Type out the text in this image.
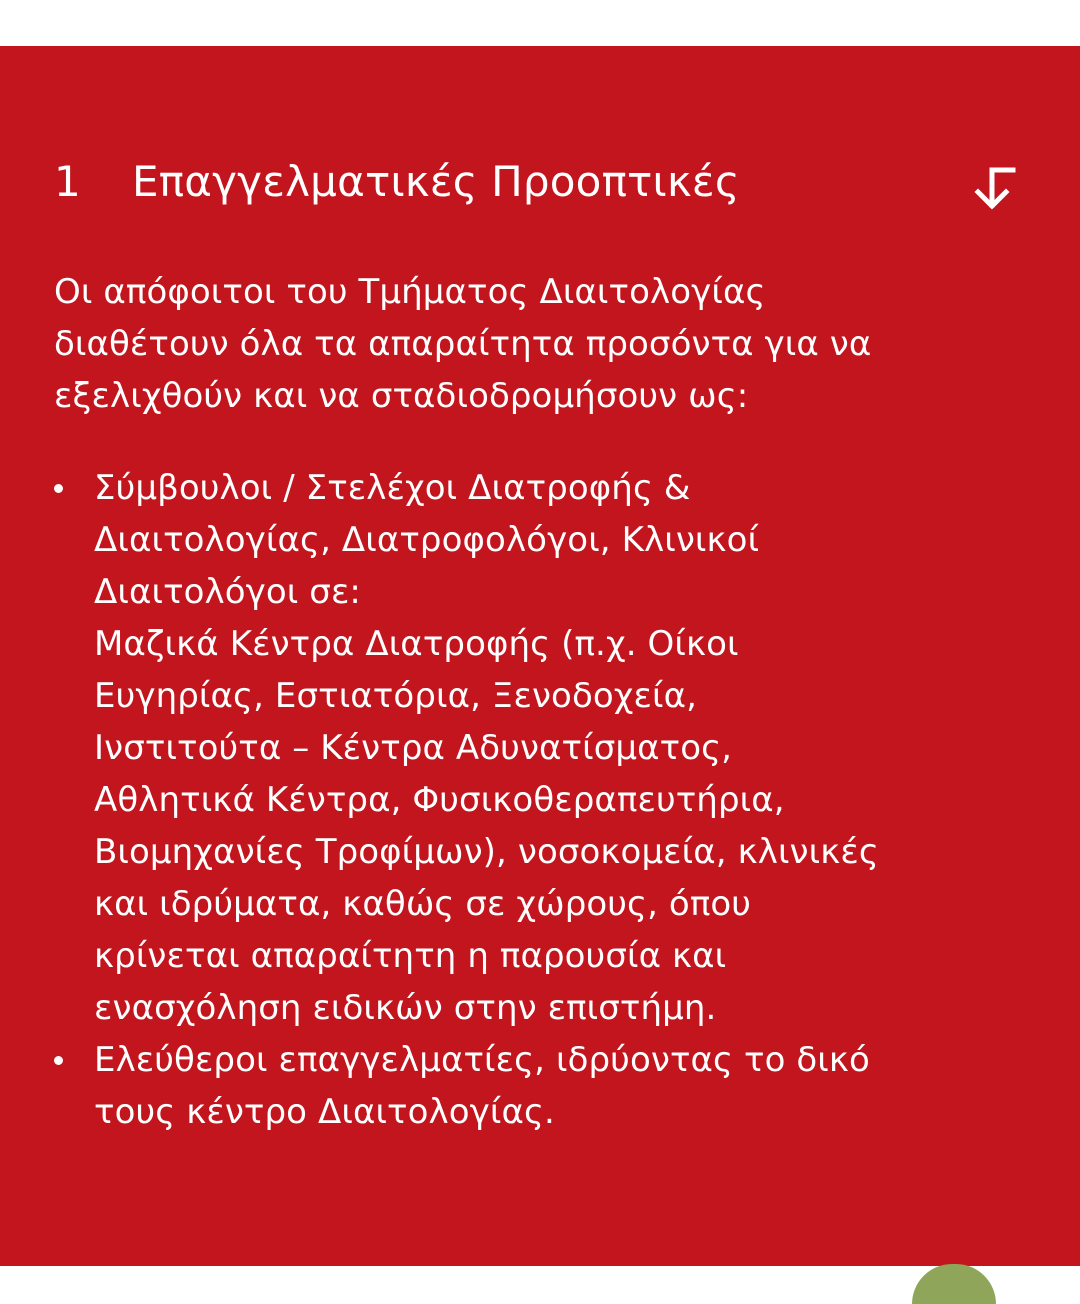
1 Επαγγελματικές Προοπτικές

Οι απόφοιτοι του Τμήματος Διαιτολογίας
διαθέτουν όλα τα απαραίτητα προσόντα για να
εξελιχθούν και να σταδιοδρομήσουν ως:

Σύμβουλοι / Στελέχοι Διατροφής &
Διαιτολογίας, Διατροφολόγοι, Κλινικοί
Διαιτολόγοι σε:
Μαζικά Κέντρα Διατροφής (π.χ. Οίκοι
Ευγηρίας, Εστιατόρια, Ξενοδοχεία,
Ινστιτούτα – Κέντρα Αδυνατίσματος,
Αθλητικά Κέντρα, Φυσικοθεραπευτήρια,
Βιομηχανίες Τροφίμων), νοσοκομεία, κλινικές
και ιδρύματα, καθώς σε χώρους, όπου
κρίνεται απαραίτητη η παρουσία και
ενασχόληση ειδικών στην επιστήμη.
Ελεύθεροι επαγγελματίες, ιδρύοντας το δικό
τους κέντρο Διαιτολογίας.
